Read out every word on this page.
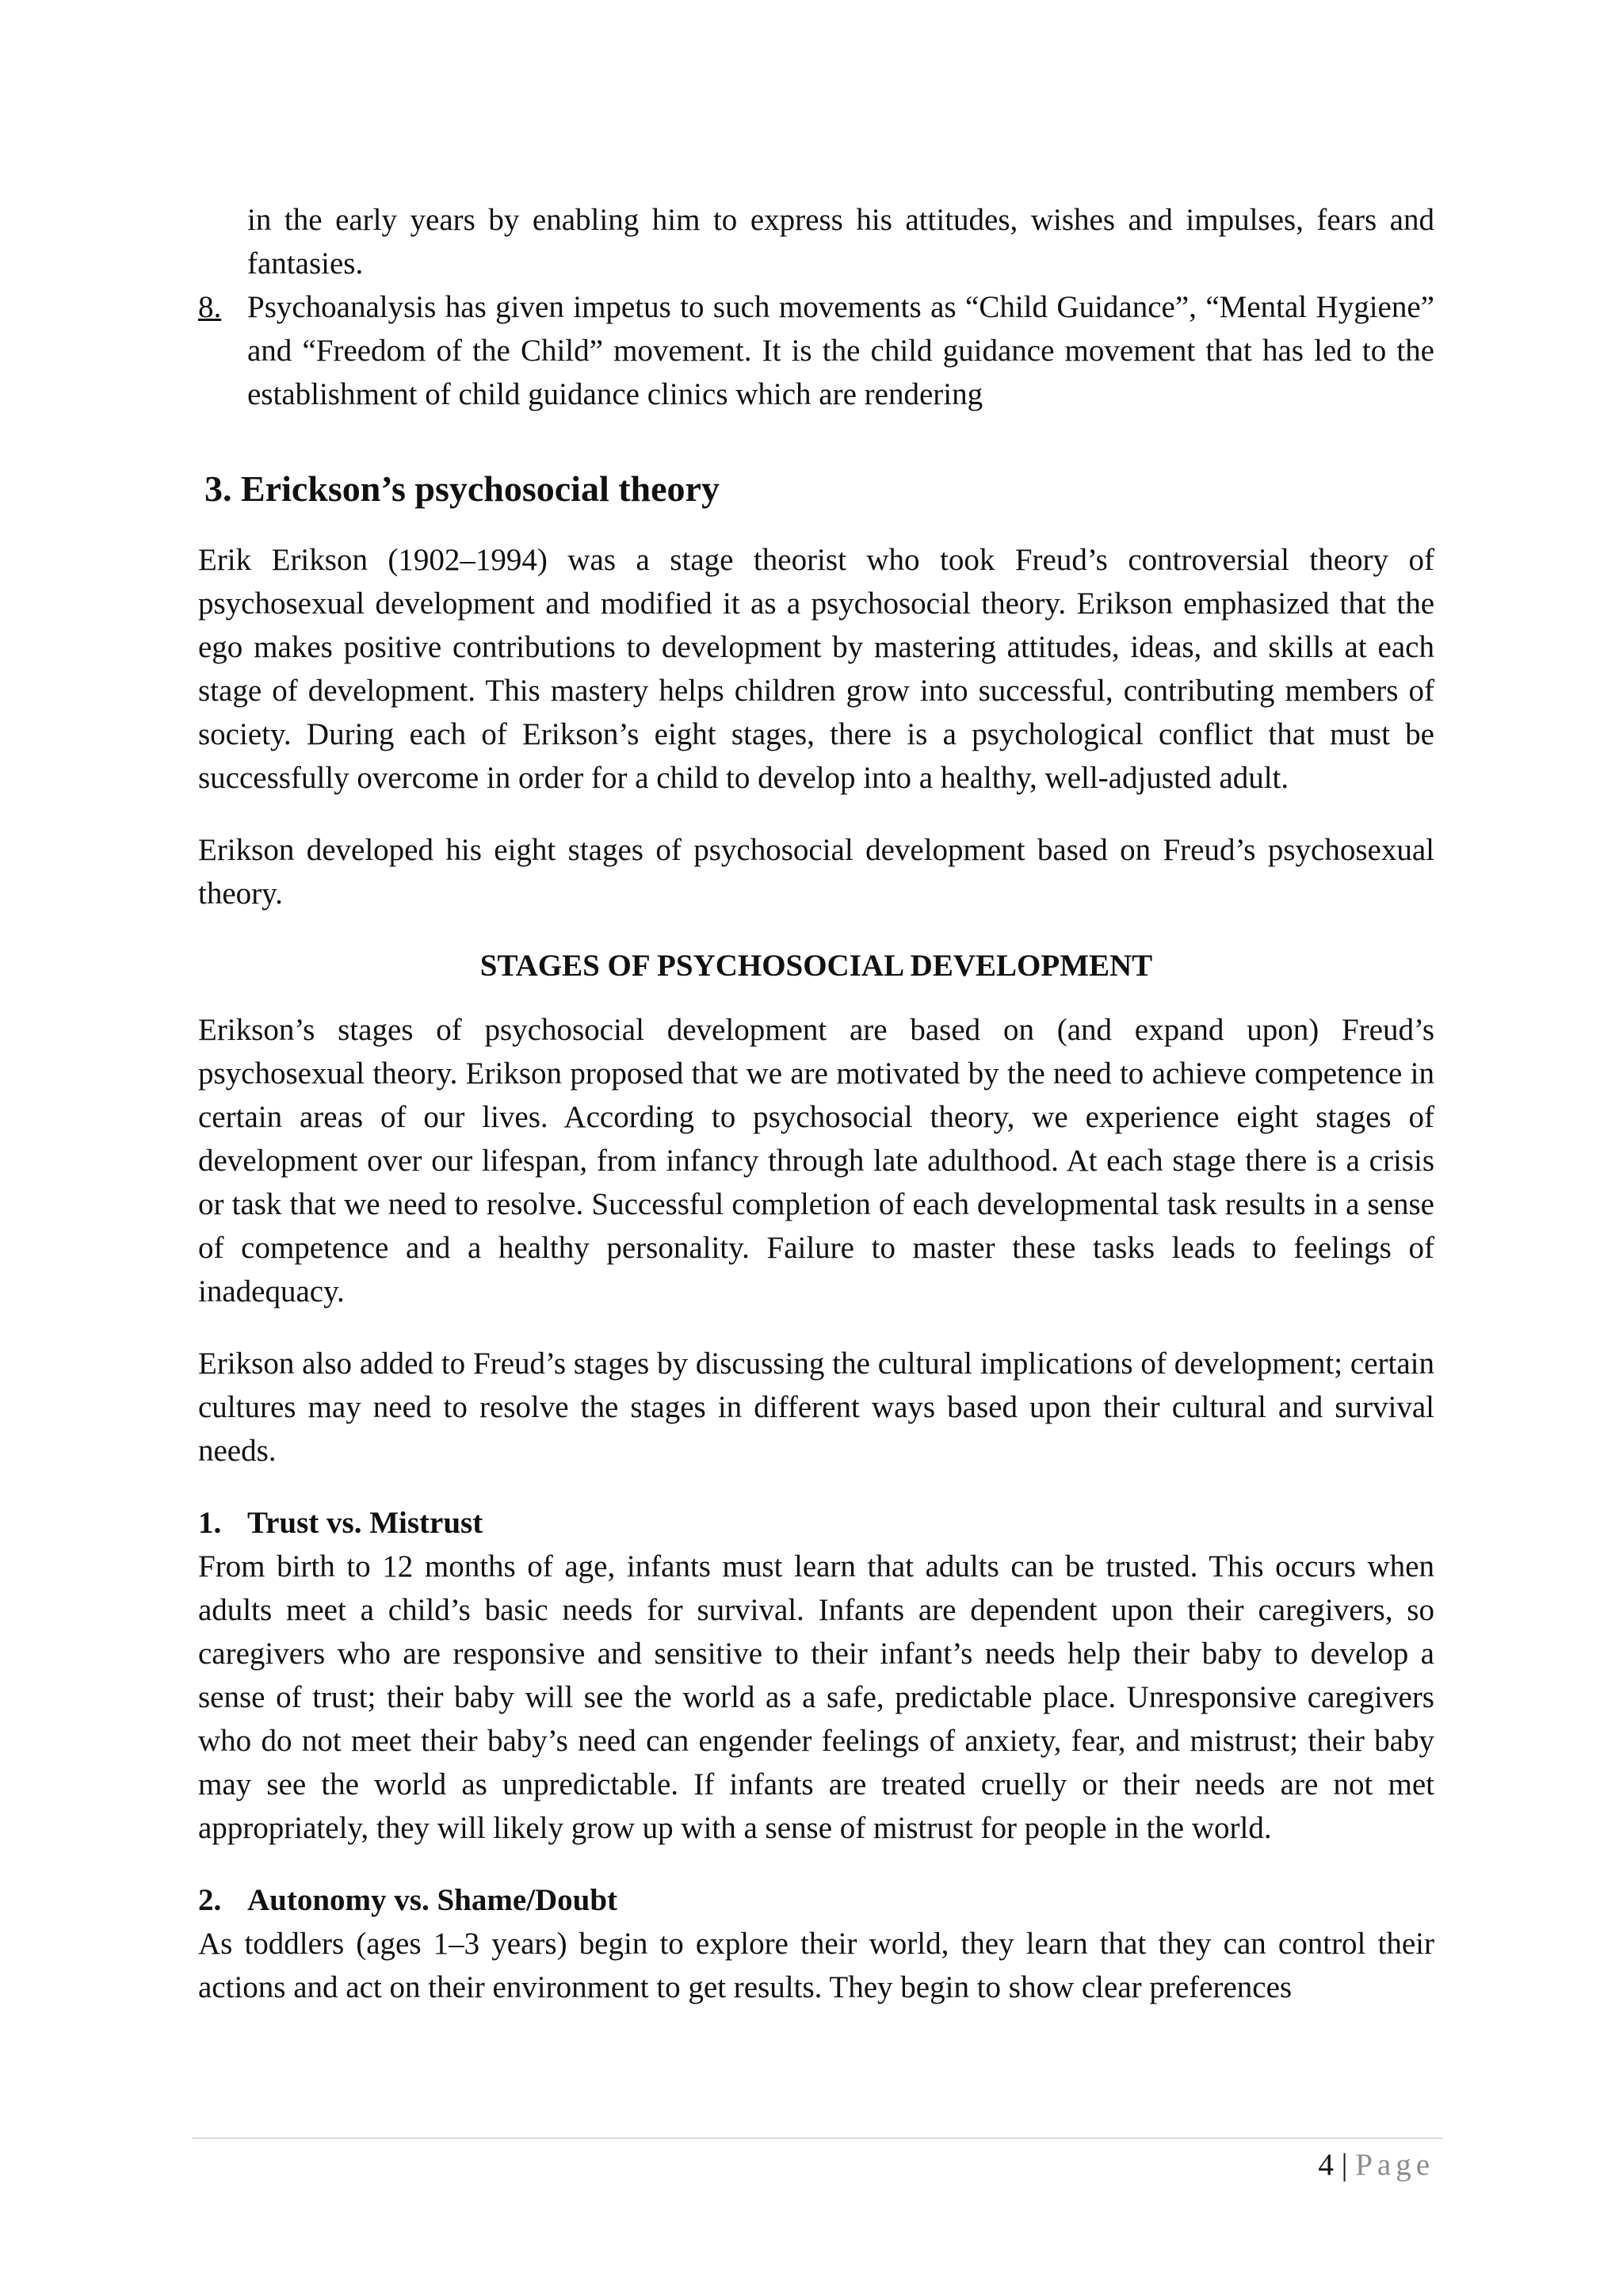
in the early years by enabling him to express his attitudes, wishes and impulses, fears and fantasies.

8. Psychoanalysis has given impetus to such movements as “Child Guidance”, “Mental Hygiene” and “Freedom of the Child” movement. It is the child guidance movement that has led to the establishment of child guidance clinics which are rendering
3. Erickson’s psychosocial theory

Erik Erikson (1902–1994) was a stage theorist who took Freud’s controversial theory of psychosexual development and modified it as a psychosocial theory. Erikson emphasized that the ego makes positive contributions to development by mastering attitudes, ideas, and skills at each stage of development. This mastery helps children grow into successful, contributing members of society. During each of Erikson’s eight stages, there is a psychological conflict that must be successfully overcome in order for a child to develop into a healthy, well-adjusted adult.

Erikson developed his eight stages of psychosocial development based on Freud’s psychosexual theory.

STAGES OF PSYCHOSOCIAL DEVELOPMENT

Erikson’s stages of psychosocial development are based on (and expand upon) Freud’s psychosexual theory. Erikson proposed that we are motivated by the need to achieve competence in certain areas of our lives. According to psychosocial theory, we experience eight stages of development over our lifespan, from infancy through late adulthood. At each stage there is a crisis or task that we need to resolve. Successful completion of each developmental task results in a sense of competence and a healthy personality. Failure to master these tasks leads to feelings of inadequacy.

Erikson also added to Freud’s stages by discussing the cultural implications of development; certain cultures may need to resolve the stages in different ways based upon their cultural and survival needs.

1. Trust vs. Mistrust

From birth to 12 months of age, infants must learn that adults can be trusted. This occurs when adults meet a child’s basic needs for survival. Infants are dependent upon their caregivers, so caregivers who are responsive and sensitive to their infant’s needs help their baby to develop a sense of trust; their baby will see the world as a safe, predictable place. Unresponsive caregivers who do not meet their baby’s need can engender feelings of anxiety, fear, and mistrust; their baby may see the world as unpredictable. If infants are treated cruelly or their needs are not met appropriately, they will likely grow up with a sense of mistrust for people in the world.

2. Autonomy vs. Shame/Doubt

As toddlers (ages 1–3 years) begin to explore their world, they learn that they can control their actions and act on their environment to get results. They begin to show clear preferences

4 | Page
